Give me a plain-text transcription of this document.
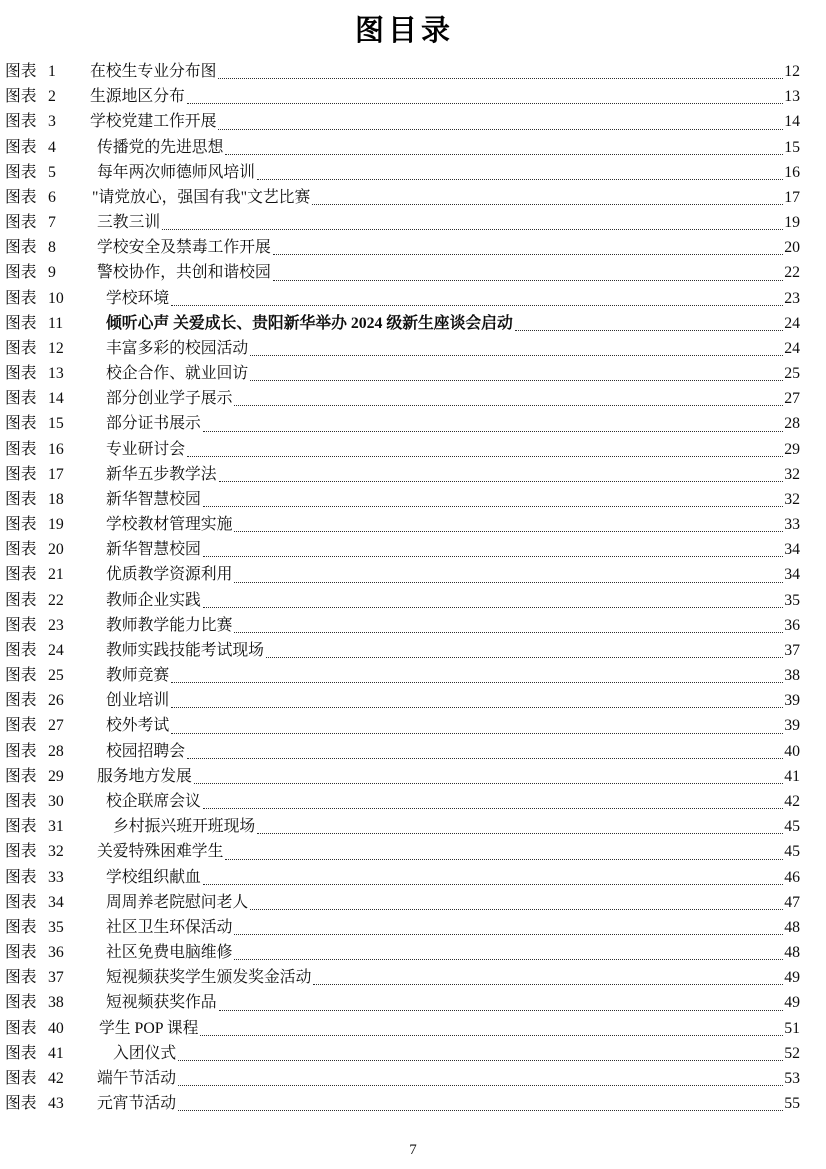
图目录
图表 1 在校生专业分布图	12
图表 2 生源地区分布	13
图表 3 学校党建工作开展	14
图表 4	传播党的先进思想	15
图表 5	每年两次师德师风培训	16
图表 6 "请党放心，强国有我"文艺比赛	17
图表 7	三教三训	19
图表 8	学校安全及禁毒工作开展	20
图表 9	警校协作，共创和谐校园	22
图表 10	学校环境	23
图表 11	倾听心声 关爱成长、贵阳新华举办 2024 级新生座谈会启动	24
图表 12	丰富多彩的校园活动	24
图表 13	校企合作、就业回访	25
图表 14	部分创业学子展示	27
图表 15	部分证书展示	28
图表 16	专业研讨会	29
图表 17	新华五步教学法	32
图表 18	新华智慧校园	32
图表 19	学校教材管理实施	33
图表 20	新华智慧校园	34
图表 21	优质教学资源利用	34
图表 22	教师企业实践	35
图表 23	教师教学能力比赛	36
图表 24	教师实践技能考试现场	37
图表 25	教师竞赛	38
图表 26	创业培训	39
图表 27	校外考试	39
图表 28	校园招聘会	40
图表 29 服务地方发展	41
图表 30	校企联席会议	42
图表 31	乡村振兴班开班现场	45
图表 32 关爱特殊困难学生	45
图表 33	学校组织献血	46
图表 34	周周养老院慰问老人	47
图表 35	社区卫生环保活动	48
图表 36	社区免费电脑维修	48
图表 37	短视频获奖学生颁发奖金活动	49
图表 38	短视频获奖作品	49
图表 40 学生 POP 课程	51
图表 41	入团仪式	52
图表 42 端午节活动	53
图表 43 元宵节活动	55
7
